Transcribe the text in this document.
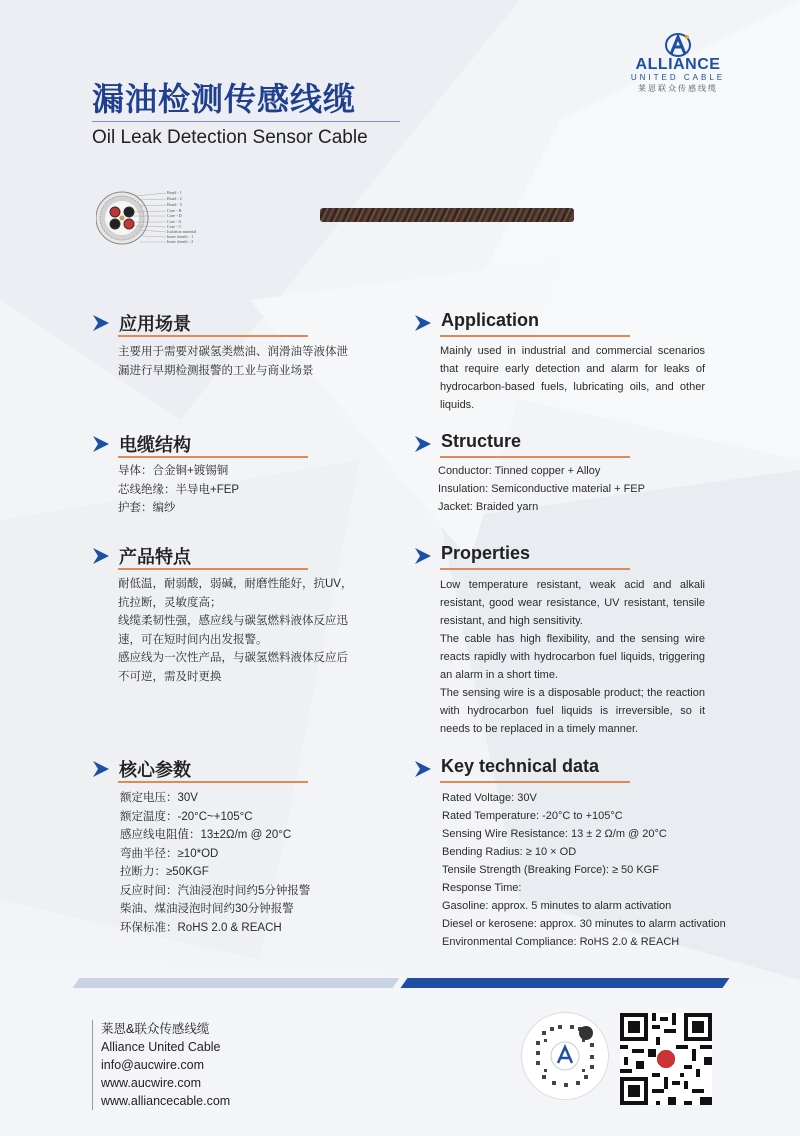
ALLIANCE
UNITED CABLE
莱恩联众传感线缆
漏油检测传感线缆
Oil Leak Detection Sensor Cable
Braid - 1
Braid - 2
Braid - 3
Core - B
Core - D
Core - A
Core - C
Isolation material
Inner sheath - 1
Inner sheath - 2
应用场景
主要用于需要对碳氢类燃油、润滑油等液体泄
漏进行早期检测报警的工业与商业场景
Application
Mainly used in industrial and commercial scenarios that require early detection and alarm for leaks of hydrocarbon-based fuels, lubricating oils, and other liquids.
电缆结构
导体：合金铜+镀锡铜
芯线绝缘：半导电+FEP
护套：编纱
Structure
Conductor: Tinned copper + Alloy
Insulation: Semiconductive material + FEP
Jacket: Braided yarn
产品特点
耐低温，耐弱酸，弱碱，耐磨性能好，抗UV，
抗拉断，灵敏度高；
线缆柔韧性强，感应线与碳氢燃料液体反应迅
速，可在短时间内出发报警。
感应线为一次性产品，与碳氢燃料液体反应后
不可逆，需及时更换
Properties
Low temperature resistant, weak acid and alkali resistant, good wear resistance, UV resistant, tensile resistant, and high sensitivity.
The cable has high flexibility, and the sensing wire reacts rapidly with hydrocarbon fuel liquids, triggering an alarm in a short time.
The sensing wire is a disposable product; the reaction with hydrocarbon fuel liquids is irreversible, so it needs to be replaced in a timely manner.
核心参数
额定电压：30V
额定温度：-20°C~+105°C
感应线电阻值：13±2Ω/m @ 20°C
弯曲半径：≥10*OD
拉断力：≥50KGF
反应时间：汽油浸泡时间约5分钟报警
柴油、煤油浸泡时间约30分钟报警
环保标准：RoHS 2.0 & REACH
Key technical data
Rated Voltage: 30V
Rated Temperature: -20°C to +105°C
Sensing Wire Resistance: 13 ± 2 Ω/m @ 20°C
Bending Radius: ≥ 10 × OD
Tensile Strength (Breaking Force): ≥ 50 KGF
Response Time:
Gasoline: approx. 5 minutes to alarm activation
Diesel or kerosene: approx. 30 minutes to alarm activation
Environmental Compliance: RoHS 2.0 & REACH
莱恩&联众传感线缆
Alliance United Cable
info@aucwire.com
www.aucwire.com
www.alliancecable.com
